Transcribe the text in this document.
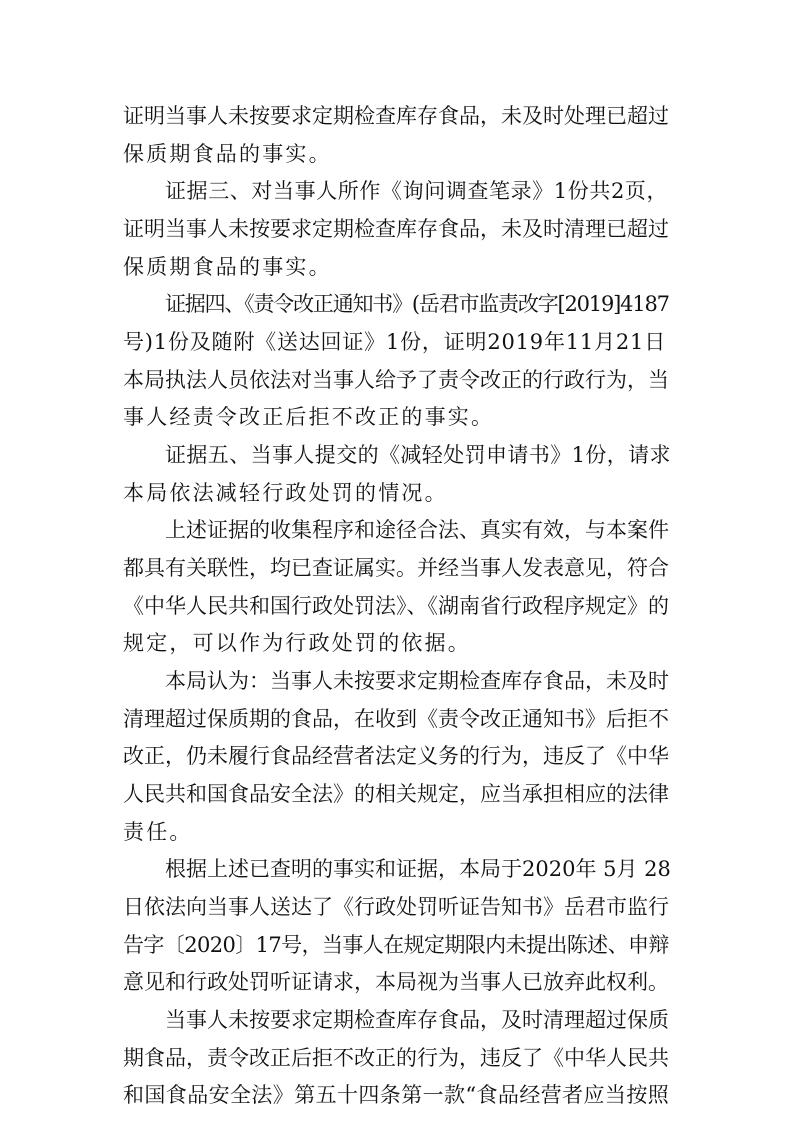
证明当事人未按要求定期检查库存食品，未及时处理已超过
保质期食品的事实。
证据三、对当事人所作《询问调查笔录》1份共2页，
证明当事人未按要求定期检查库存食品，未及时清理已超过
保质期食品的事实。
证据四、《责令改正通知书》(岳君市监责改字[2019]4187
号)1份及随附《送达回证》1份，证明2019年11月21日
本局执法人员依法对当事人给予了责令改正的行政行为，当
事人经责令改正后拒不改正的事实。
证据五、当事人提交的《减轻处罚申请书》1份，请求
本局依法减轻行政处罚的情况。
上述证据的收集程序和途径合法、真实有效，与本案件
都具有关联性，均已查证属实。并经当事人发表意见，符合
《中华人民共和国行政处罚法》、《湖南省行政程序规定》的
规定，可以作为行政处罚的依据。
本局认为：当事人未按要求定期检查库存食品，未及时
清理超过保质期的食品，在收到《责令改正通知书》后拒不
改正，仍未履行食品经营者法定义务的行为，违反了《中华
人民共和国食品安全法》的相关规定，应当承担相应的法律
责任。
根据上述已查明的事实和证据，本局于2020年 5月 28
日依法向当事人送达了《行政处罚听证告知书》岳君市监行
告字〔2020〕17号，当事人在规定期限内未提出陈述、申辩
意见和行政处罚听证请求，本局视为当事人已放弃此权利。
当事人未按要求定期检查库存食品，及时清理超过保质
期食品，责令改正后拒不改正的行为，违反了《中华人民共
和国食品安全法》第五十四条第一款“食品经营者应当按照
